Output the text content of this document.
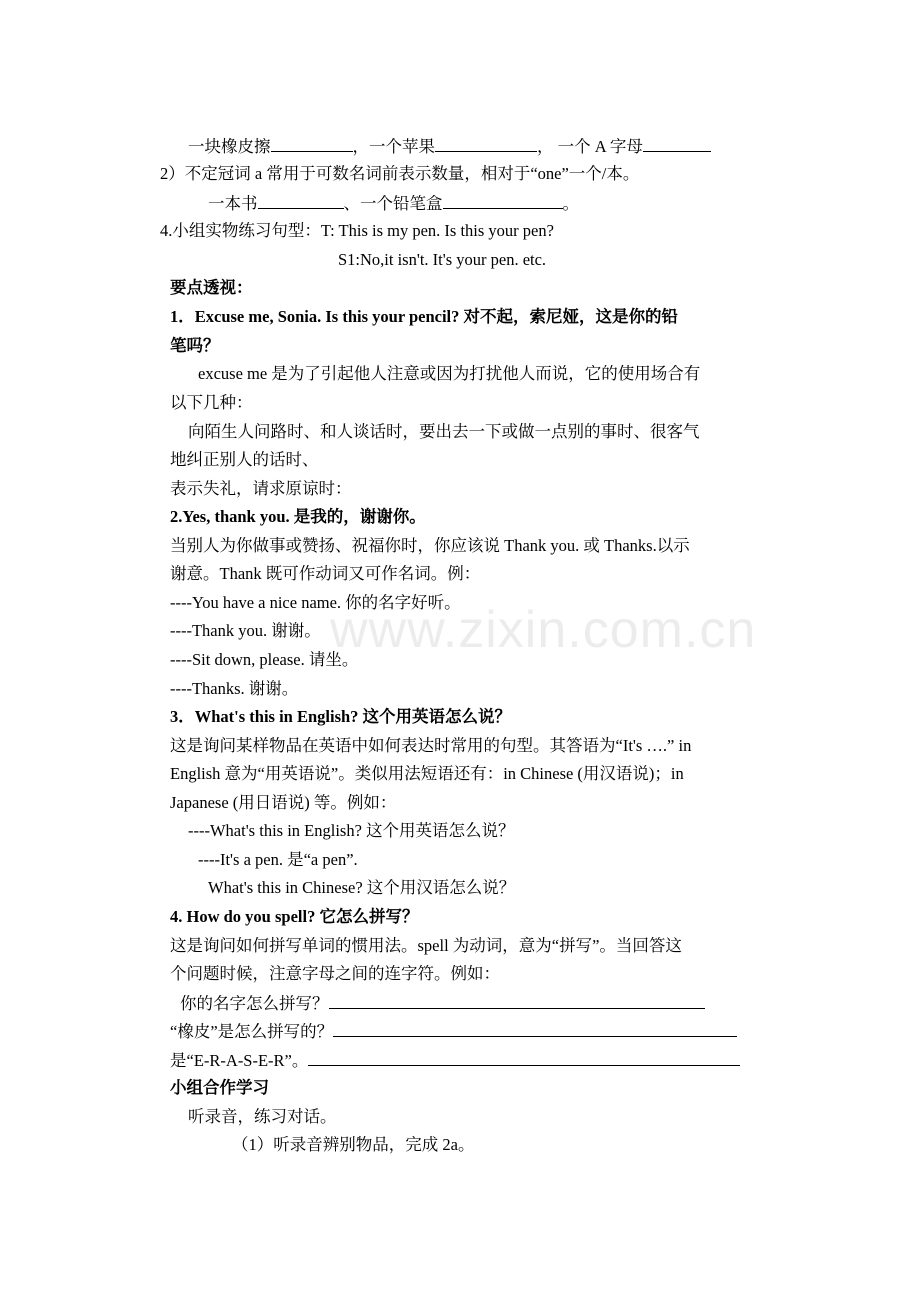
一块橡皮擦	，一个苹果	， 一个 A 字母
2）不定冠词 a 常用于可数名词前表示数量，相对于“one”一个/本。
一本书	、一个铅笔盒	。
4.小组实物练习句型：T: This is my pen. Is this your pen?
S1:No,it isn't. It's your pen. etc.
要点透视：
1．Excuse me, Sonia. Is this your pencil? 对不起，索尼娅，这是你的铅
笔吗？
excuse me 是为了引起他人注意或因为打扰他人而说，它的使用场合有
以下几种：
向陌生人问路时、和人谈话时，要出去一下或做一点别的事时、很客气
地纠正别人的话时、
表示失礼，请求原谅时：
2.Yes, thank you. 是我的，谢谢你。
当别人为你做事或赞扬、祝福你时，你应该说 Thank you. 或 Thanks.以示
谢意。Thank 既可作动词又可作名词。例：
----You have a nice name. 你的名字好听。
----Thank you. 谢谢。
----Sit down, please. 请坐。
----Thanks. 谢谢。
3．What's this in English? 这个用英语怎么说？
这是询问某样物品在英语中如何表达时常用的句型。其答语为“It's ….” in
English 意为“用英语说”。类似用法短语还有：in Chinese (用汉语说)；in
Japanese (用日语说) 等。例如：
----What's this in English? 这个用英语怎么说？
----It's a pen. 是“a pen”.
What's this in Chinese? 这个用汉语怎么说？
4. How do you spell? 它怎么拼写？
这是询问如何拼写单词的惯用法。spell 为动词，意为“拼写”。当回答这
个问题时候，注意字母之间的连字符。例如：
你的名字怎么拼写？
“橡皮”是怎么拼写的？
是“E-R-A-S-E-R”。
小组合作学习
听录音，练习对话。
（1）听录音辨别物品，完成 2a。
www.zixin.com.cn
